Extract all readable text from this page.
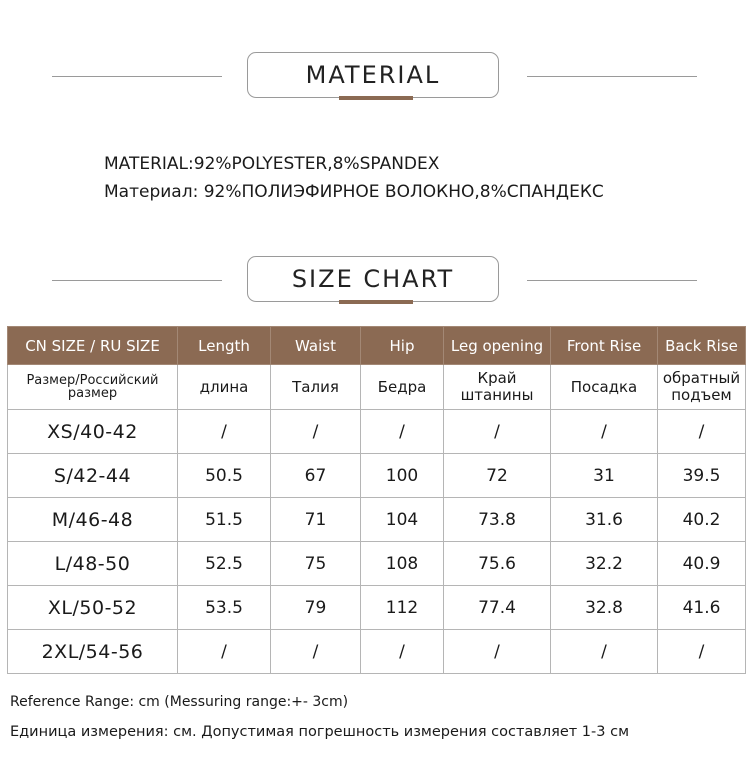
MATERIAL
MATERIAL:92%POLYESTER,8%SPANDEX
Материал: 92%ПОЛИЭФИРНОЕ ВОЛОКНО,8%СПАНДЕКС
SIZE CHART
CN SIZE / RU SIZE	Length	Waist	Hip	Leg opening	Front Rise	Back Rise
Размер/Российский размер	длина	Талия	Бедра	Край штанины	Посадка	обратный подъем
XS/40-42	/	/	/	/	/	/
S/42-44	50.5	67	100	72	31	39.5
M/46-48	51.5	71	104	73.8	31.6	40.2
L/48-50	52.5	75	108	75.6	32.2	40.9
XL/50-52	53.5	79	112	77.4	32.8	41.6
2XL/54-56	/	/	/	/	/	/
Reference Range: cm (Messuring range:+- 3cm)
Единица измерения: см. Допустимая погрешность измерения составляет 1-3 см
